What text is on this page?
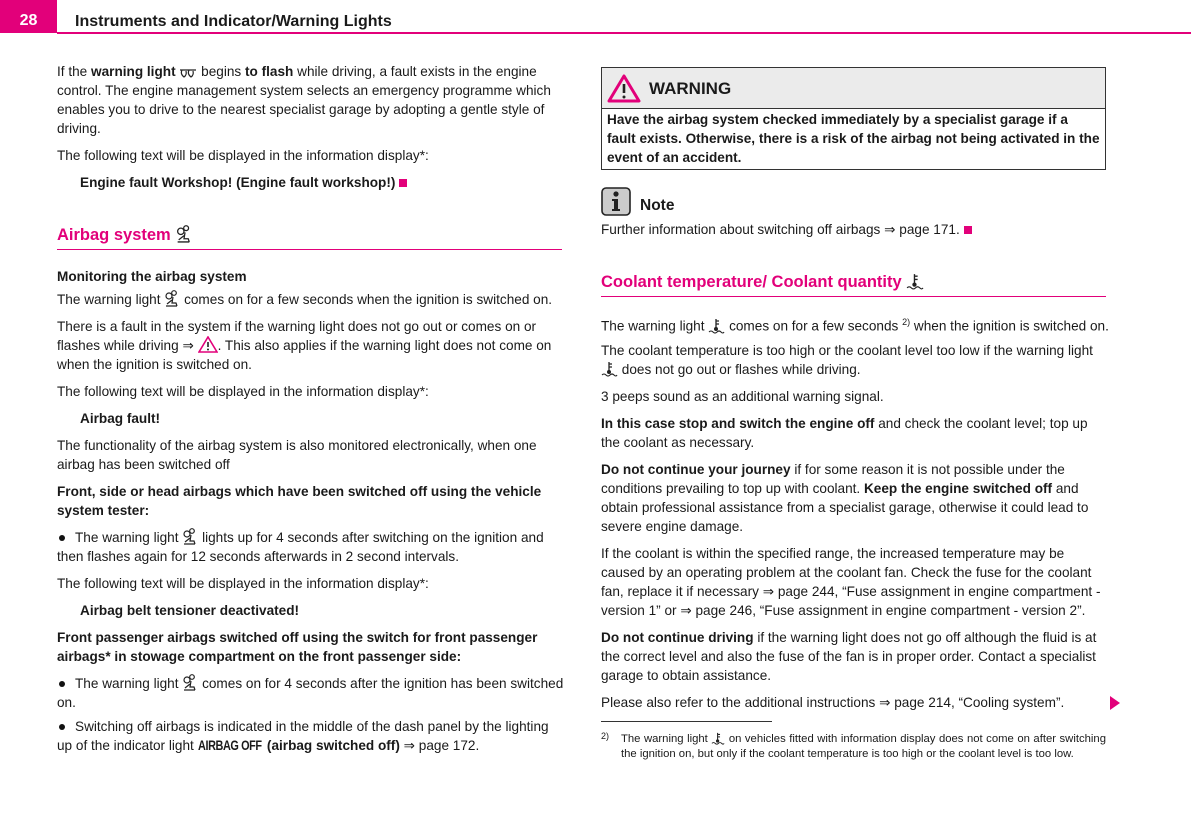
28	Instruments and Indicator/Warning Lights
If the warning light  begins to flash while driving, a fault exists in the engine control. The engine management system selects an emergency programme which enables you to drive to the nearest specialist garage by adopting a gentle style of driving.
The following text will be displayed in the information display*:
Engine fault Workshop! (Engine fault workshop!)
Airbag system
Monitoring the airbag system
The warning light  comes on for a few seconds when the ignition is switched on.
There is a fault in the system if the warning light does not go out or comes on or flashes while driving ⇒ . This also applies if the warning light does not come on when the ignition is switched on.
The following text will be displayed in the information display*:
Airbag fault!
The functionality of the airbag system is also monitored electronically, when one airbag has been switched off
Front, side or head airbags which have been switched off using the vehicle system tester:
The warning light  lights up for 4 seconds after switching on the ignition and then flashes again for 12 seconds afterwards in 2 second intervals.
The following text will be displayed in the information display*:
Airbag belt tensioner deactivated!
Front passenger airbags switched off using the switch for front passenger airbags* in stowage compartment on the front passenger side:
The warning light  comes on for 4 seconds after the ignition has been switched on.
Switching off airbags is indicated in the middle of the dash panel by the lighting up of the indicator light AIRBAG OFF (airbag switched off) ⇒ page 172.
WARNING
Have the airbag system checked immediately by a specialist garage if a fault exists. Otherwise, there is a risk of the airbag not being activated in the event of an accident.
Note
Further information about switching off airbags ⇒ page 171.
Coolant temperature/ Coolant quantity
The warning light  comes on for a few seconds $^{2)}$ when the ignition is switched on.
The coolant temperature is too high or the coolant level too low if the warning light  does not go out or flashes while driving.
3 peeps sound as an additional warning signal.
In this case stop and switch the engine off and check the coolant level; top up the coolant as necessary.
Do not continue your journey if for some reason it is not possible under the conditions prevailing to top up with coolant. Keep the engine switched off and obtain professional assistance from a specialist garage, otherwise it could lead to severe engine damage.
If the coolant is within the specified range, the increased temperature may be caused by an operating problem at the coolant fan. Check the fuse for the coolant fan, replace it if necessary ⇒ page 244, “Fuse assignment in engine compartment - version 1” or ⇒ page 246, “Fuse assignment in engine compartment - version 2”.
Do not continue driving if the warning light does not go off although the fluid is at the correct level and also the fuse of the fan is in proper order. Contact a specialist garage to obtain assistance.
Please also refer to the additional instructions ⇒ page 214, “Cooling system”.
2) The warning light  on vehicles fitted with information display does not come on after switching the ignition on, but only if the coolant temperature is too high or the coolant level is too low.
